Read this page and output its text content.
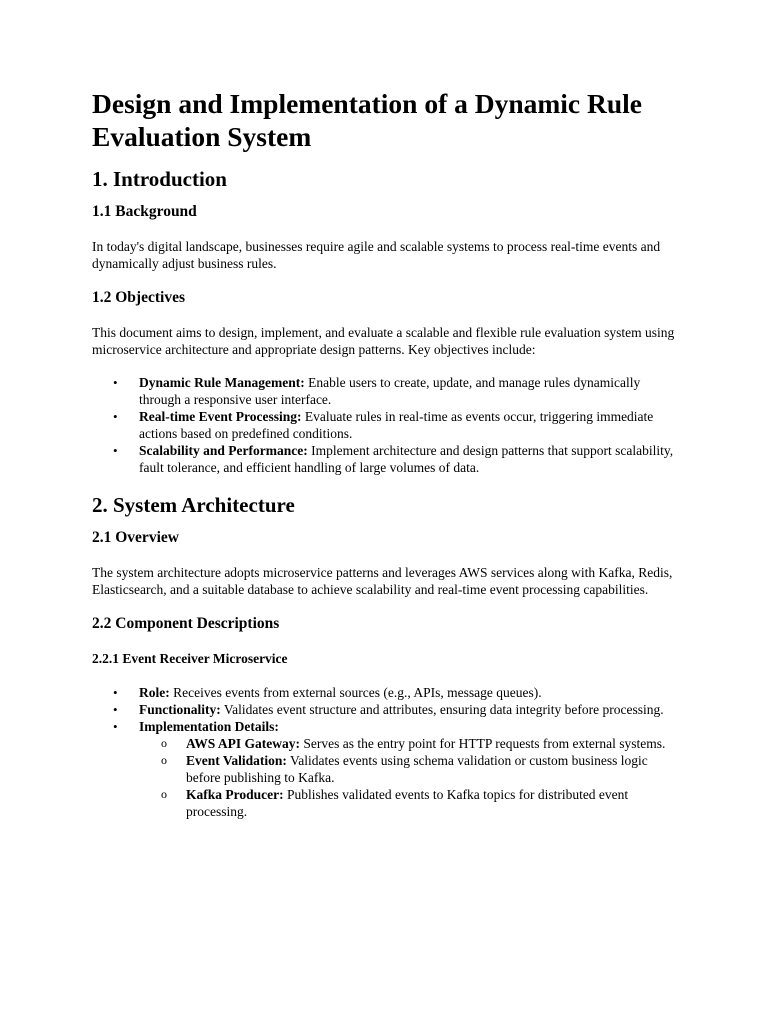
Design and Implementation of a Dynamic Rule Evaluation System
1. Introduction
1.1 Background

In today's digital landscape, businesses require agile and scalable systems to process real-time events and dynamically adjust business rules.

1.2 Objectives

This document aims to design, implement, and evaluate a scalable and flexible rule evaluation system using microservice architecture and appropriate design patterns. Key objectives include:

• Dynamic Rule Management: Enable users to create, update, and manage rules dynamically through a responsive user interface.
• Real-time Event Processing: Evaluate rules in real-time as events occur, triggering immediate actions based on predefined conditions.
• Scalability and Performance: Implement architecture and design patterns that support scalability, fault tolerance, and efficient handling of large volumes of data.
2. System Architecture
2.1 Overview

The system architecture adopts microservice patterns and leverages AWS services along with Kafka, Redis, Elasticsearch, and a suitable database to achieve scalability and real-time event processing capabilities.

2.2 Component Descriptions
2.2.1 Event Receiver Microservice
• Role: Receives events from external sources (e.g., APIs, message queues).
• Functionality: Validates event structure and attributes, ensuring data integrity before processing.
• Implementation Details:
o AWS API Gateway: Serves as the entry point for HTTP requests from external systems.
o Event Validation: Validates events using schema validation or custom business logic before publishing to Kafka.
o Kafka Producer: Publishes validated events to Kafka topics for distributed event processing.
